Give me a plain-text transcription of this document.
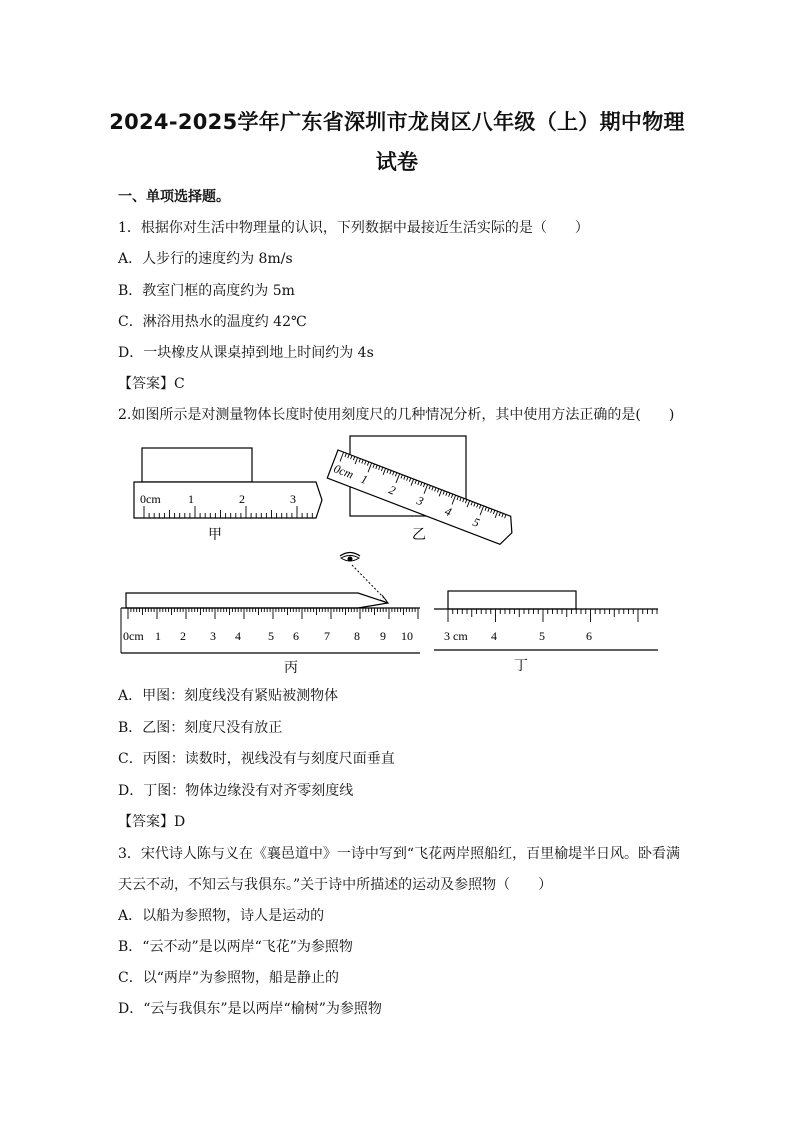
2024-2025学年广东省深圳市龙岗区八年级（上）期中物理
试卷
一、单项选择题。
1．根据你对生活中物理量的认识，下列数据中最接近生活实际的是（　　）
A．人步行的速度约为 8m/s
B．教室门框的高度约为 5m
C．淋浴用热水的温度约 42℃
D．一块橡皮从课桌掉到地上时间约为 4s
【答案】C
2.如图所示是对测量物体长度时使用刻度尺的几种情况分析，其中使用方法正确的是(　　)
0cm 1	2	3
甲
0cm 1
2
3
4
5
乙
0cm 1 2 3 4 5 6 7 8 9 10
丙
3 cm 4	5	6
丁
A．甲图：刻度线没有紧贴被测物体
B．乙图：刻度尺没有放正
C．丙图：读数时，视线没有与刻度尺面垂直
D．丁图：物体边缘没有对齐零刻度线
【答案】D
3．宋代诗人陈与义在《襄邑道中》一诗中写到“飞花两岸照船红，百里榆堤半日风。卧看满
天云不动，不知云与我俱东。”关于诗中所描述的运动及参照物（　　）
A．以船为参照物，诗人是运动的
B．“云不动”是以两岸“飞花”为参照物
C．以“两岸”为参照物，船是静止的
D．“云与我俱东”是以两岸“榆树”为参照物
